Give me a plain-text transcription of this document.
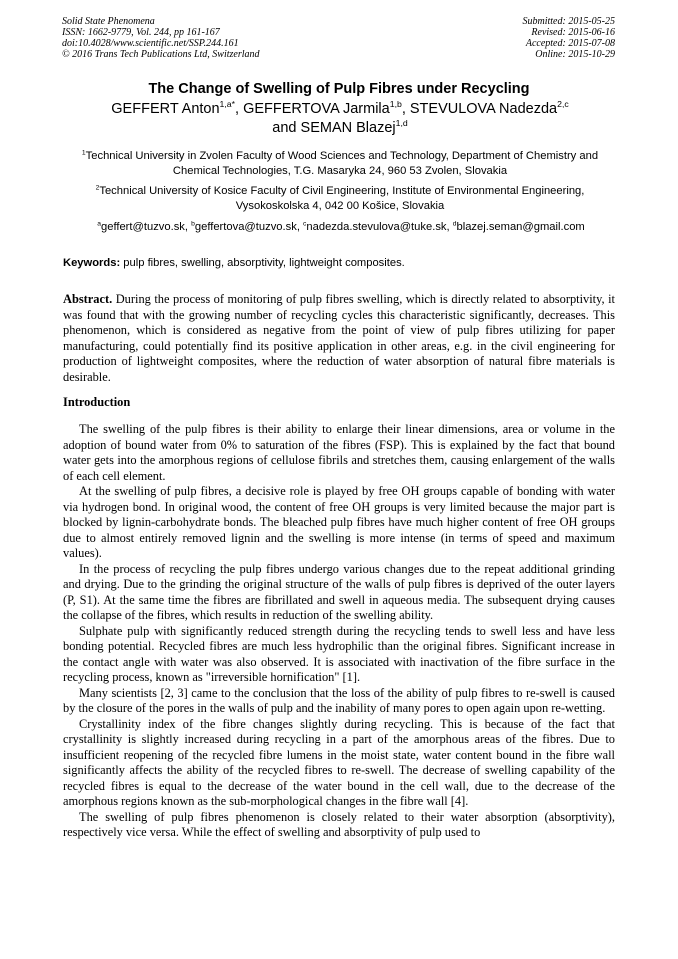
Solid State Phenomena
ISSN: 1662-9779, Vol. 244, pp 161-167
doi:10.4028/www.scientific.net/SSP.244.161
© 2016 Trans Tech Publications Ltd, Switzerland
Submitted: 2015-05-25
Revised: 2015-06-16
Accepted: 2015-07-08
Online: 2015-10-29
The Change of Swelling of Pulp Fibres under Recycling
GEFFERT Anton$^{1,a*}$, GEFFERTOVA Jarmila$^{1,b}$, STEVULOVA Nadezda$^{2,c}$
and SEMAN Blazej$^{1,d}$
$^1$Technical University in Zvolen Faculty of Wood Sciences and Technology, Department of Chemistry and Chemical Technologies, T.G. Masaryka 24, 960 53 Zvolen, Slovakia
$^2$Technical University of Kosice Faculty of Civil Engineering, Institute of Environmental Engineering, Vysokoskolska 4, 042 00 Košice, Slovakia
$^a$geffert@tuzvo.sk, $^b$geffertova@tuzvo.sk, $^c$nadezda.stevulova@tuke.sk, $^d$blazej.seman@gmail.com
Keywords: pulp fibres, swelling, absorptivity, lightweight composites.
Abstract. During the process of monitoring of pulp fibres swelling, which is directly related to absorptivity, it was found that with the growing number of recycling cycles this characteristic significantly, decreases. This phenomenon, which is considered as negative from the point of view of pulp fibres utilizing for paper manufacturing, could potentially find its positive application in other areas, e.g. in the civil engineering for production of lightweight composites, where the reduction of water absorption of natural fibre materials is desirable.
Introduction

The swelling of the pulp fibres is their ability to enlarge their linear dimensions, area or volume in the adoption of bound water from 0% to saturation of the fibres (FSP). This is explained by the fact that bound water gets into the amorphous regions of cellulose fibrils and stretches them, causing enlargement of the walls of each cell element.

At the swelling of pulp fibres, a decisive role is played by free OH groups capable of bonding with water via hydrogen bond. In original wood, the content of free OH groups is very limited because the major part is blocked by lignin-carbohydrate bonds. The bleached pulp fibres have much higher content of free OH groups due to almost entirely removed lignin and the swelling is more intense (in terms of speed and maximum values).

In the process of recycling the pulp fibres undergo various changes due to the repeat additional grinding and drying. Due to the grinding the original structure of the walls of pulp fibres is deprived of the outer layers (P, S1). At the same time the fibres are fibrillated and swell in aqueous media. The subsequent drying causes the collapse of the fibres, which results in reduction of the swelling ability.

Sulphate pulp with significantly reduced strength during the recycling tends to swell less and have less bonding potential. Recycled fibres are much less hydrophilic than the original fibres. Significant increase in the contact angle with water was also observed. It is associated with inactivation of the fibre surface in the recycling process, known as "irreversible hornification" [1].

Many scientists [2, 3] came to the conclusion that the loss of the ability of pulp fibres to re-swell is caused by the closure of the pores in the walls of pulp and the inability of many pores to open again upon re-wetting.

Crystallinity index of the fibre changes slightly during recycling. This is because of the fact that crystallinity is slightly increased during recycling in a part of the amorphous areas of the fibres. Due to insufficient reopening of the recycled fibre lumens in the moist state, water content bound in the fibre wall significantly affects the ability of the recycled fibres to re-swell. The decrease of swelling capability of the recycled fibres is equal to the decrease of the water bound in the cell wall, due to the decrease of the amorphous regions known as the sub-morphological changes in the fibre wall [4].

The swelling of pulp fibres phenomenon is closely related to their water absorption (absorptivity), respectively vice versa. While the effect of swelling and absorptivity of pulp used to
